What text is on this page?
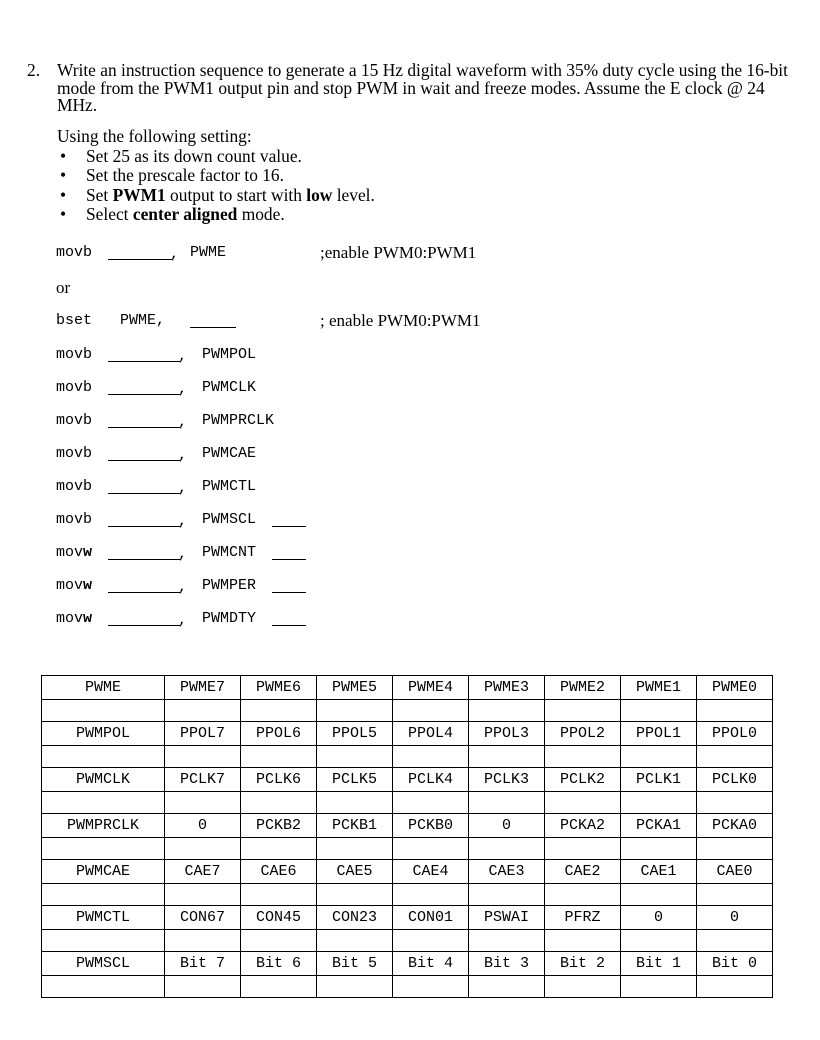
2. Write an instruction sequence to generate a 15 Hz digital waveform with 35% duty cycle using the 16-bit mode from the PWM1 output pin and stop PWM in wait and freeze modes. Assume the E clock @ 24 MHz.
Using the following setting:
• Set 25 as its down count value.
• Set the prescale factor to 16.
• Set PWM1 output to start with low level.
• Select center aligned mode.
movb	, PWME	;enable PWM0:PWM1
or
bset PWME,	; enable PWM0:PWM1
movb	, PWMPOL
movb	, PWMCLK
movb	, PWMPRCLK
movb	, PWMCAE
movb	, PWMCTL
movb	, PWMSCL
movw	, PWMCNT
movw	, PWMPER
movw	, PWMDTY
PWME	PWME7	PWME6	PWME5	PWME4	PWME3	PWME2	PWME1	PWME0

PWMPOL	PPOL7	PPOL6	PPOL5	PPOL4	PPOL3	PPOL2	PPOL1	PPOL0

PWMCLK	PCLK7	PCLK6	PCLK5	PCLK4	PCLK3	PCLK2	PCLK1	PCLK0

PWMPRCLK	0	PCKB2	PCKB1	PCKB0	0	PCKA2	PCKA1	PCKA0

PWMCAE	CAE7	CAE6	CAE5	CAE4	CAE3	CAE2	CAE1	CAE0

PWMCTL	CON67	CON45	CON23	CON01	PSWAI	PFRZ	0	0

PWMSCL	Bit 7	Bit 6	Bit 5	Bit 4	Bit 3	Bit 2	Bit 1	Bit 0
